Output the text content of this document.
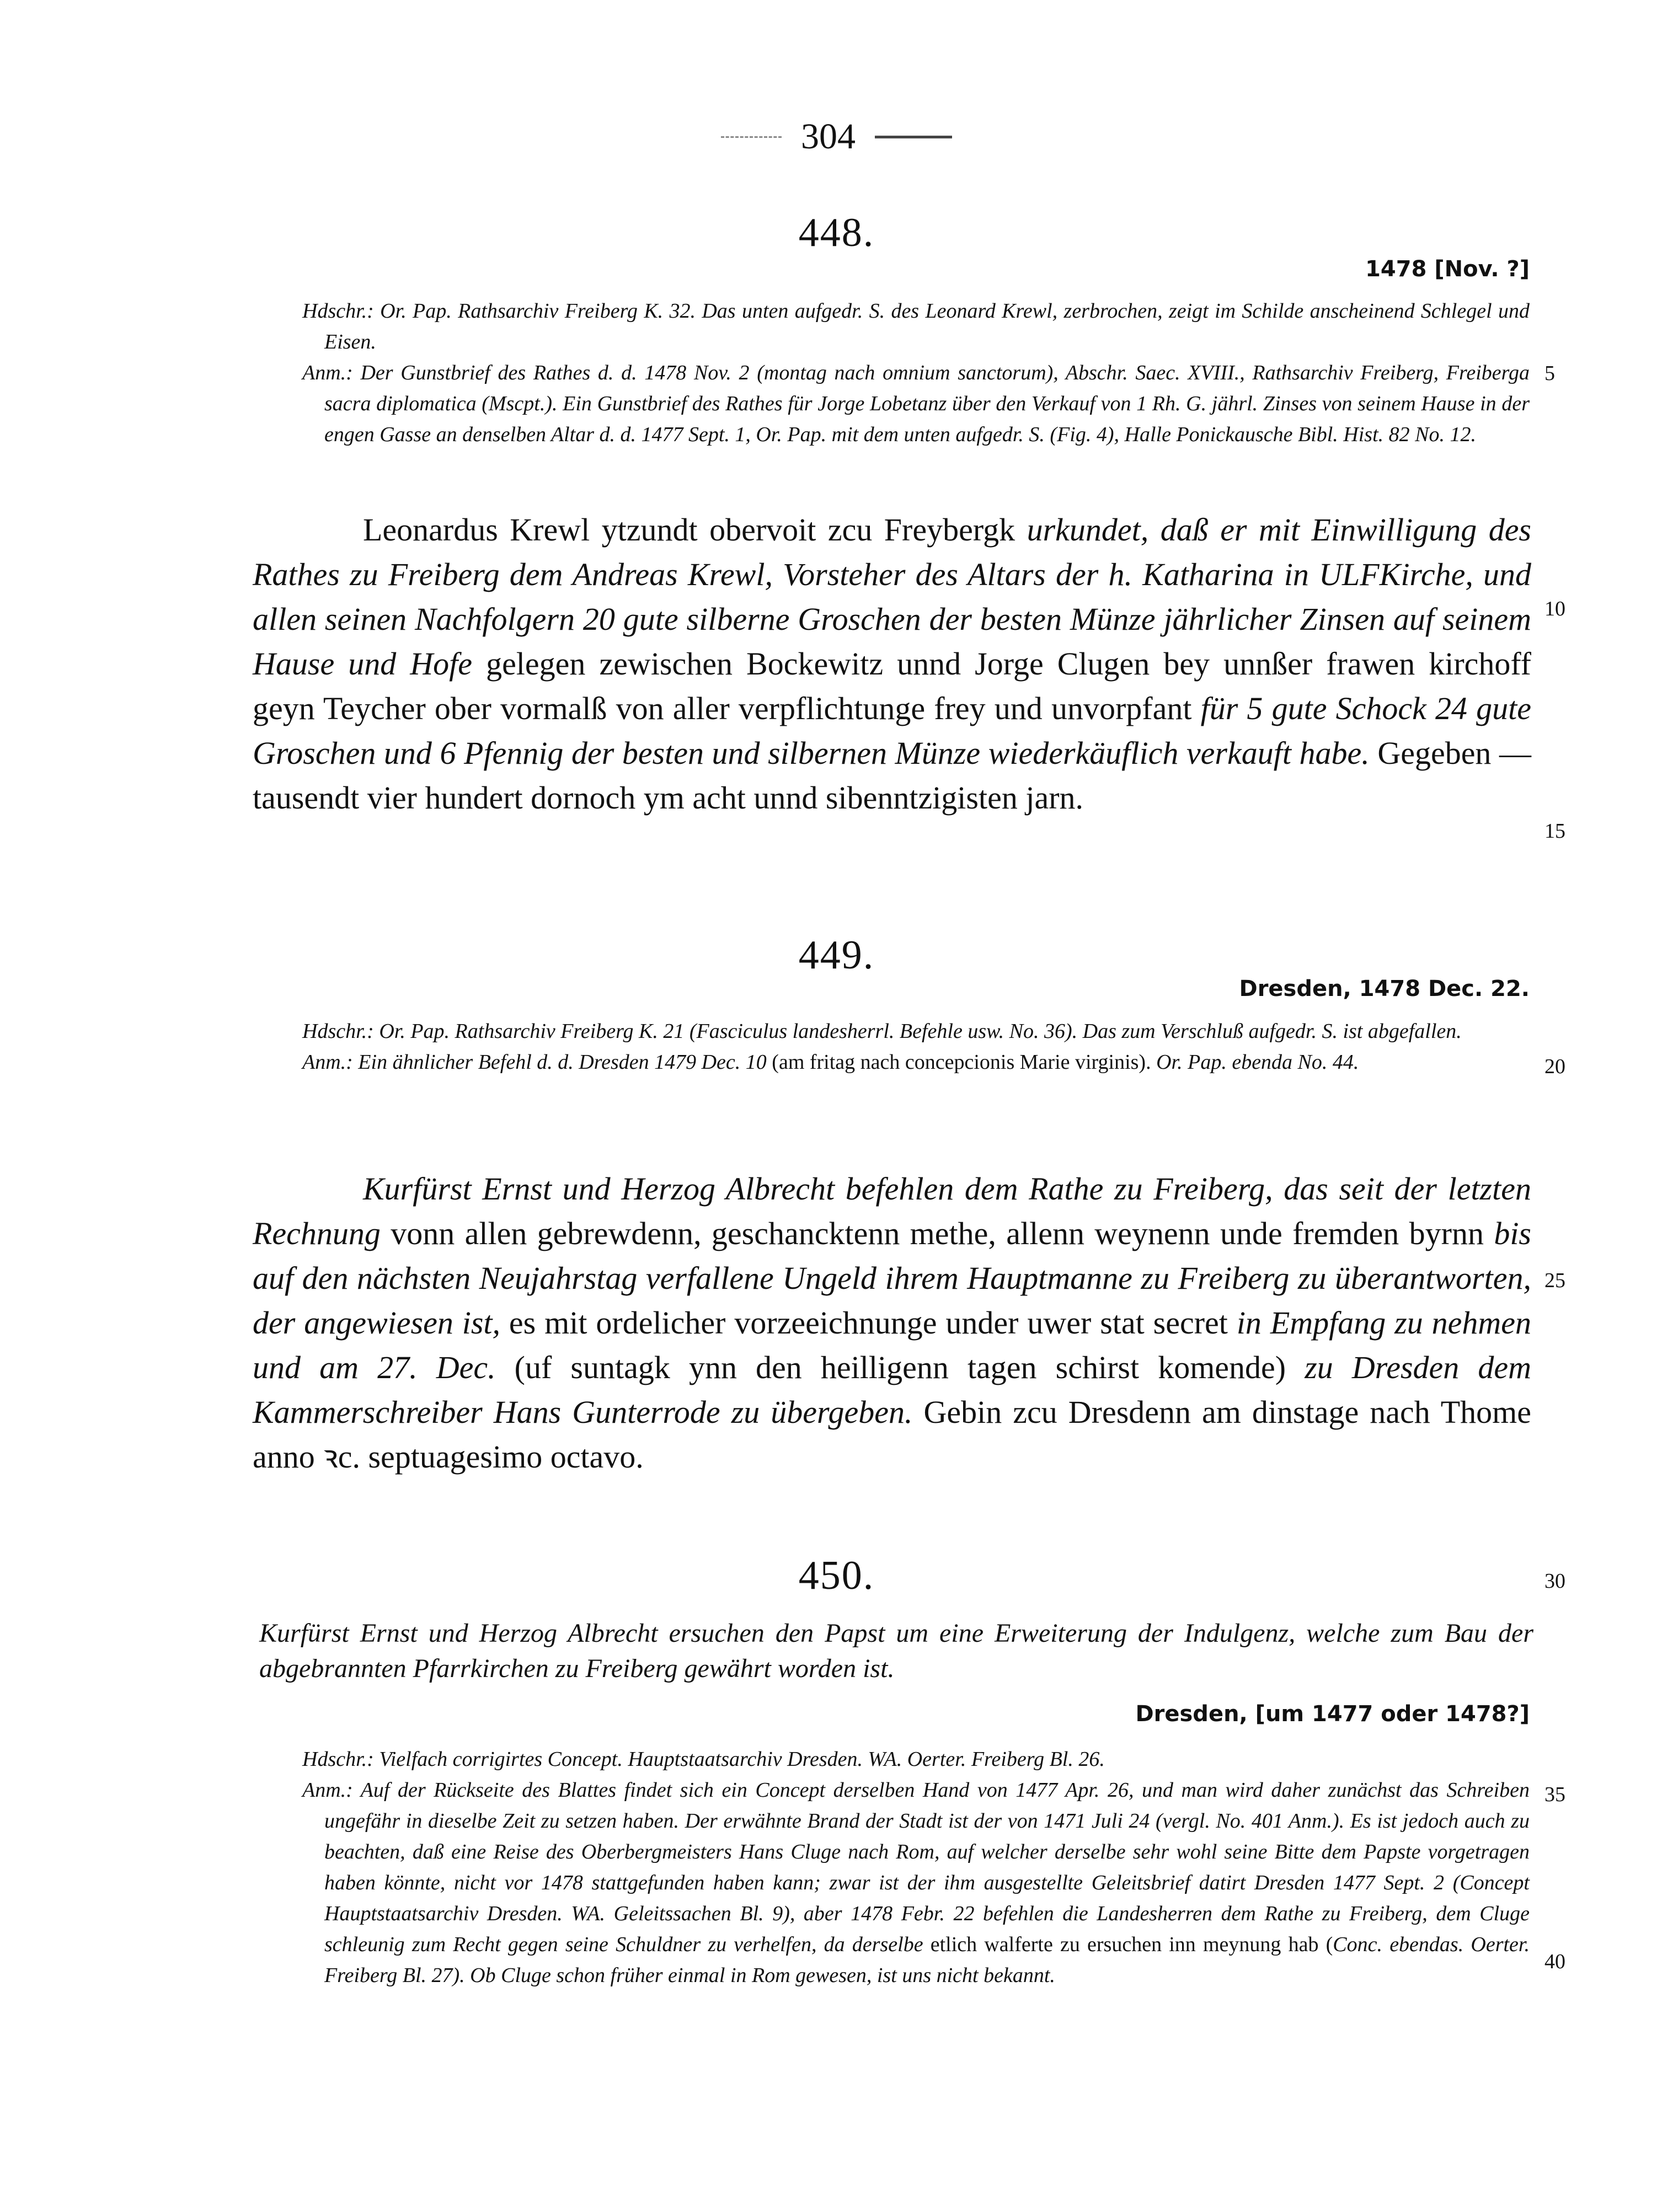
304
448.
1478 [Nov. ?]

Hdschr.: Or. Pap. Rathsarchiv Freiberg K. 32. Das unten aufgedr. S. des Leonard Krewl, zerbrochen, zeigt im Schilde anscheinend Schlegel und Eisen.

Anm.: Der Gunstbrief des Rathes d. d. 1478 Nov. 2 (montag nach omnium sanctorum), Abschr. Saec. XVIII., Rathsarchiv Freiberg, Freiberga sacra diplomatica (Mscpt.). Ein Gunstbrief des Rathes für Jorge Lobetanz über den Verkauf von 1 Rh. G. jährl. Zinses von seinem Hause in der engen Gasse an denselben Altar d. d. 1477 Sept. 1, Or. Pap. mit dem unten aufgedr. S. (Fig. 4), Halle Ponickausche Bibl. Hist. 82 No. 12.

Leonardus Krewl ytzundt obervoit zcu Freybergk urkundet, daß er mit Einwilligung des Rathes zu Freiberg dem Andreas Krewl, Vorsteher des Altars der h. Katharina in ULFKirche, und allen seinen Nachfolgern 20 gute silberne Groschen der besten Münze jährlicher Zinsen auf seinem Hause und Hofe gelegen zewischen Bockewitz unnd Jorge Clugen bey unnßer frawen kirchoff geyn Teycher ober vormalß von aller verpflichtunge frey und unvorpfant für 5 gute Schock 24 gute Groschen und 6 Pfennig der besten und silbernen Münze wiederkäuflich verkauft habe. Gegeben — tausendt vier hundert dornoch ym acht unnd sibenntzigisten jarn.

449.
Dresden, 1478 Dec. 22.

Hdschr.: Or. Pap. Rathsarchiv Freiberg K. 21 (Fasciculus landesherrl. Befehle usw. No. 36). Das zum Verschluß aufgedr. S. ist abgefallen.

Anm.: Ein ähnlicher Befehl d. d. Dresden 1479 Dec. 10 (am fritag nach concepcionis Marie virginis). Or. Pap. ebenda No. 44.

Kurfürst Ernst und Herzog Albrecht befehlen dem Rathe zu Freiberg, das seit der letzten Rechnung vonn allen gebrewdenn, geschancktenn methe, allenn weynenn unde fremden byrnn bis auf den nächsten Neujahrstag verfallene Ungeld ihrem Hauptmanne zu Freiberg zu überantworten, der angewiesen ist, es mit ordelicher vorzeeichnunge under uwer stat secret in Empfang zu nehmen und am 27. Dec. (uf suntagk ynn den heilligenn tagen schirst komende) zu Dresden dem Kammerschreiber Hans Gunterrode zu übergeben. Gebin zcu Dresdenn am dinstage nach Thome anno ꝛc. septuagesimo octavo.

450.

Kurfürst Ernst und Herzog Albrecht ersuchen den Papst um eine Erweiterung der Indulgenz, welche zum Bau der abgebrannten Pfarrkirchen zu Freiberg gewährt worden ist.

Dresden, [um 1477 oder 1478?]

Hdschr.: Vielfach corrigirtes Concept. Hauptstaatsarchiv Dresden. WA. Oerter. Freiberg Bl. 26.

Anm.: Auf der Rückseite des Blattes findet sich ein Concept derselben Hand von 1477 Apr. 26, und man wird daher zunächst das Schreiben ungefähr in dieselbe Zeit zu setzen haben. Der erwähnte Brand der Stadt ist der von 1471 Juli 24 (vergl. No. 401 Anm.). Es ist jedoch auch zu beachten, daß eine Reise des Oberbergmeisters Hans Cluge nach Rom, auf welcher derselbe sehr wohl seine Bitte dem Papste vorgetragen haben könnte, nicht vor 1478 stattgefunden haben kann; zwar ist der ihm ausgestellte Geleitsbrief datirt Dresden 1477 Sept. 2 (Concept Hauptstaatsarchiv Dresden. WA. Geleitssachen Bl. 9), aber 1478 Febr. 22 befehlen die Landesherren dem Rathe zu Freiberg, dem Cluge schleunig zum Recht gegen seine Schuldner zu verhelfen, da derselbe etlich walferte zu ersuchen inn meynung hab (Conc. ebendas. Oerter. Freiberg Bl. 27). Ob Cluge schon früher einmal in Rom gewesen, ist uns nicht bekannt.

5
10
15
20
25
30
35
40
